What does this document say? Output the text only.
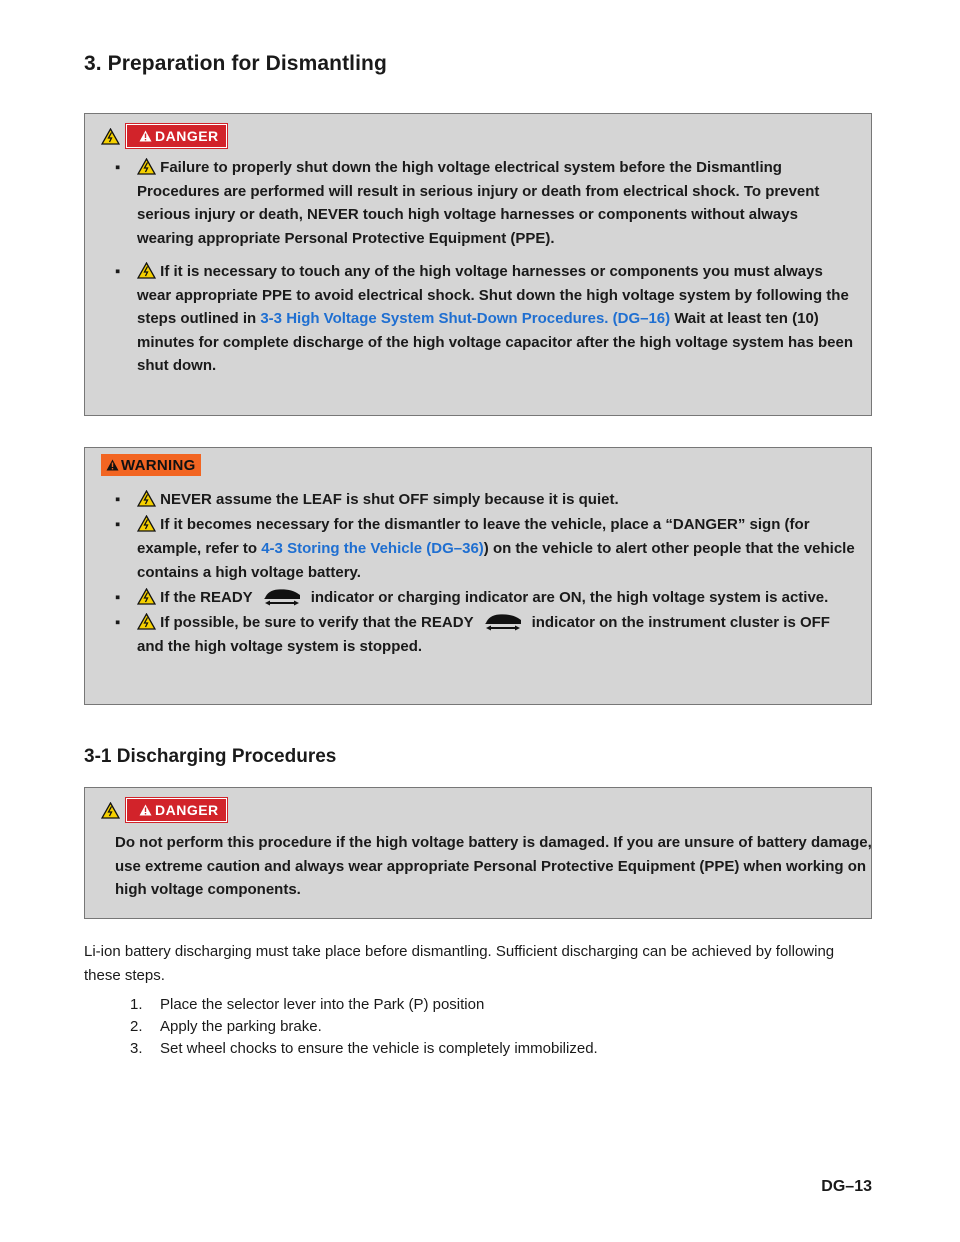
3. Preparation for Dismantling
DANGER
▪	Failure to properly shut down the high voltage electrical system before the Dismantling Procedures are performed will result in serious injury or death from electrical shock. To prevent serious injury or death, NEVER touch high voltage harnesses or components without always wearing appropriate Personal Protective Equipment (PPE).
▪	If it is necessary to touch any of the high voltage harnesses or components you must always wear appropriate PPE to avoid electrical shock. Shut down the high voltage system by following the steps outlined in 3-3 High Voltage System Shut-Down Procedures. (DG–16) Wait at least ten (10) minutes for complete discharge of the high voltage capacitor after the high voltage system has been shut down.
WARNING
▪	NEVER assume the LEAF is shut OFF simply because it is quiet.
▪	If it becomes necessary for the dismantler to leave the vehicle, place a “DANGER” sign (for example, refer to 4-3 Storing the Vehicle (DG–36)) on the vehicle to alert other people that the vehicle contains a high voltage battery.
▪	If the READY	indicator or charging indicator are ON, the high voltage system is active.
▪	If possible, be sure to verify that the READY	indicator on the instrument cluster is OFF and the high voltage system is stopped.
3-1 Discharging Procedures
DANGER

Do not perform this procedure if the high voltage battery is damaged. If you are unsure of battery damage, use extreme caution and always wear appropriate Personal Protective Equipment (PPE) when working on high voltage components.

Li-ion battery discharging must take place before dismantling. Sufficient discharging can be achieved by following these steps.

1. Place the selector lever into the Park (P) position
2. Apply the parking brake.
3. Set wheel chocks to ensure the vehicle is completely immobilized.
DG–13
